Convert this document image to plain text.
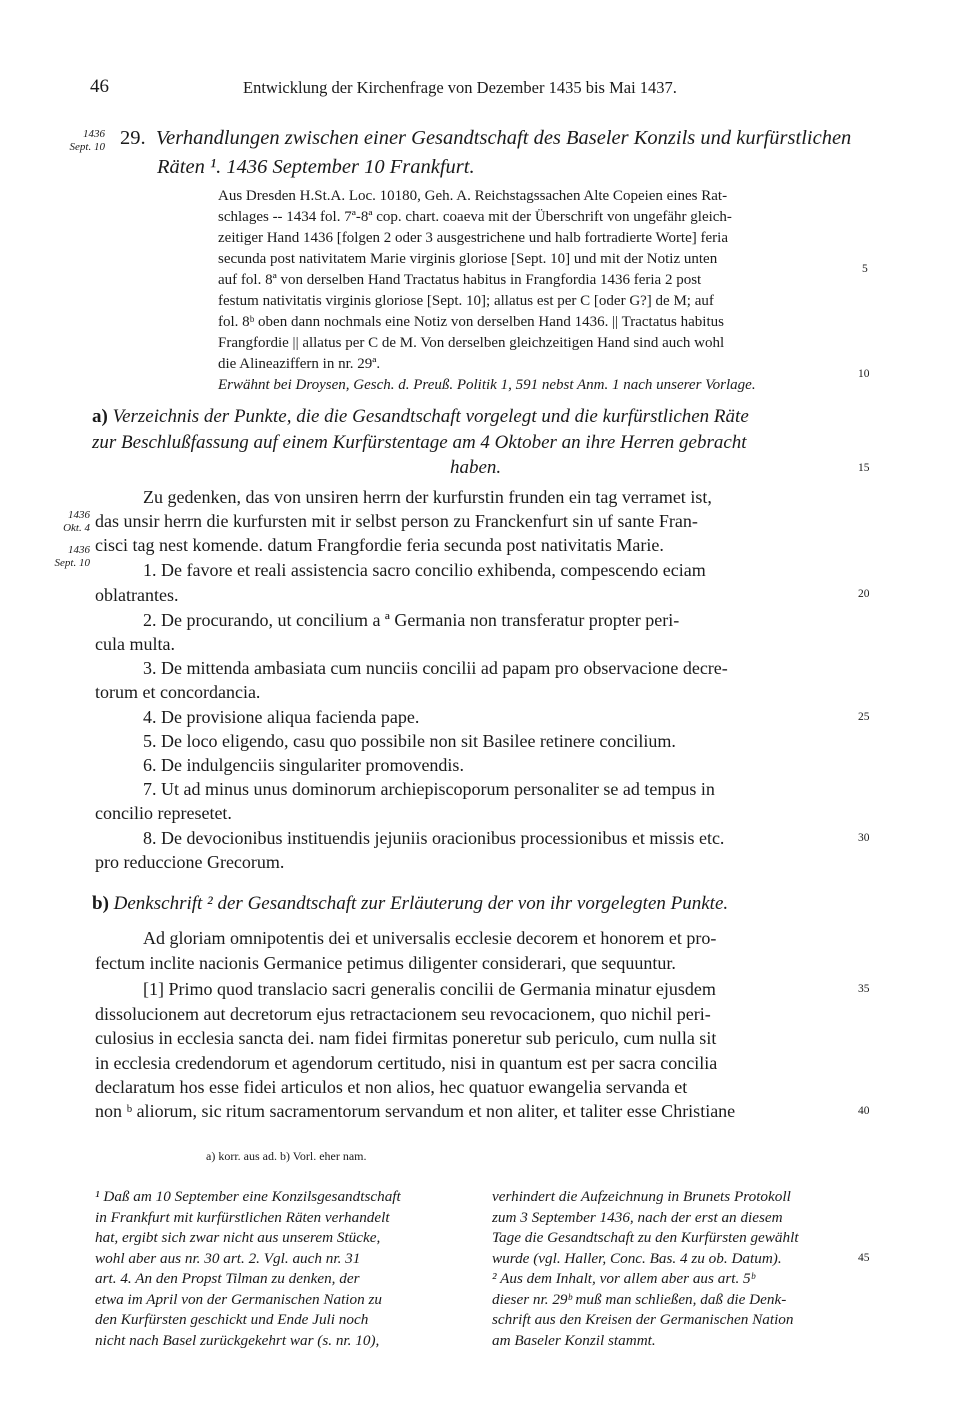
46	Entwicklung der Kirchenfrage von Dezember 1435 bis Mai 1437.
1436
Sept. 10
1436
Okt. 4
1436
Sept. 10
29. Verhandlungen zwischen einer Gesandtschaft des Baseler Konzils und kurfürstlichen
Räten ¹. 1436 September 10 Frankfurt.
Aus Dresden H.St.A. Loc. 10180, Geh. A. Reichstagssachen Alte Copeien eines Rat-
schlages -- 1434 fol. 7ª-8ª cop. chart. coaeva mit der Überschrift von ungefähr gleich-
zeitiger Hand 1436 [folgen 2 oder 3 ausgestrichene und halb fortradierte Worte] feria
secunda post nativitatem Marie virginis gloriose [Sept. 10] und mit der Notiz unten
auf fol. 8ª von derselben Hand Tractatus habitus in Frangfordia 1436 feria 2 post
festum nativitatis virginis gloriose [Sept. 10]; allatus est per C [oder G?] de M; auf
fol. 8ᵇ oben dann nochmals eine Notiz von derselben Hand 1436. || Tractatus habitus
Frangfordie || allatus per C de M. Von derselben gleichzeitigen Hand sind auch wohl
die Alineaziffern in nr. 29ª.
Erwähnt bei Droysen, Gesch. d. Preuß. Politik 1, 591 nebst Anm. 1 nach unserer Vorlage.
a) Verzeichnis der Punkte, die die Gesandtschaft vorgelegt und die kurfürstlichen Räte
zur Beschlußfassung auf einem Kurfürstentage am 4 Oktober an ihre Herren gebracht
haben.
Zu gedenken, das von unsiren herrn der kurfurstin frunden ein tag verramet ist,
das unsir herrn die kurfursten mit ir selbst person zu Franckenfurt sin uf sante Fran-
cisci tag nest komende. datum Frangfordie feria secunda post nativitatis Marie.
1. De favore et reali assistencia sacro concilio exhibenda, compescendo eciam
oblatrantes.
2. De procurando, ut concilium a ª Germania non transferatur propter peri-
cula multa.
3. De mittenda ambasiata cum nunciis concilii ad papam pro observacione decre-
torum et concordancia.
4. De provisione aliqua facienda pape.
5. De loco eligendo, casu quo possibile non sit Basilee retinere concilium.
6. De indulgenciis singulariter promovendis.
7. Ut ad minus unus dominorum archiepiscoporum personaliter se ad tempus in
concilio represetet.
8. De devocionibus instituendis jejuniis oracionibus processionibus et missis etc.
pro reduccione Grecorum.
b) Denkschrift ² der Gesandtschaft zur Erläuterung der von ihr vorgelegten Punkte.
Ad gloriam omnipotentis dei et universalis ecclesie decorem et honorem et pro-
fectum inclite nacionis Germanice petimus diligenter considerari, que sequuntur.
[1] Primo quod translacio sacri generalis concilii de Germania minatur ejusdem
dissolucionem aut decretorum ejus retractacionem seu revocacionem, quo nichil peri-
culosius in ecclesia sancta dei. nam fidei firmitas poneretur sub periculo, cum nulla sit
in ecclesia credendorum et agendorum certitudo, nisi in quantum est per sacra concilia
declaratum hos esse fidei articulos et non alios, hec quatuor ewangelia servanda et
non ᵇ aliorum, sic ritum sacramentorum servandum et non aliter, et taliter esse Christiane
5
10
15
20
25
30
35
40
45
a) korr. aus ad. b) Vorl. eher nam.
¹ Daß am 10 September eine Konzilsgesandtschaft
in Frankfurt mit kurfürstlichen Räten verhandelt
hat, ergibt sich zwar nicht aus unserem Stücke,
wohl aber aus nr. 30 art. 2. Vgl. auch nr. 31
art. 4. An den Propst Tilman zu denken, der
etwa im April von der Germanischen Nation zu
den Kurfürsten geschickt und Ende Juli noch
nicht nach Basel zurückgekehrt war (s. nr. 10),
verhindert die Aufzeichnung in Brunets Protokoll
zum 3 September 1436, nach der erst an diesem
Tage die Gesandtschaft zu den Kurfürsten gewählt
wurde (vgl. Haller, Conc. Bas. 4 zu ob. Datum).
² Aus dem Inhalt, vor allem aber aus art. 5ᵇ
dieser nr. 29ᵇ muß man schließen, daß die Denk-
schrift aus den Kreisen der Germanischen Nation
am Baseler Konzil stammt.
